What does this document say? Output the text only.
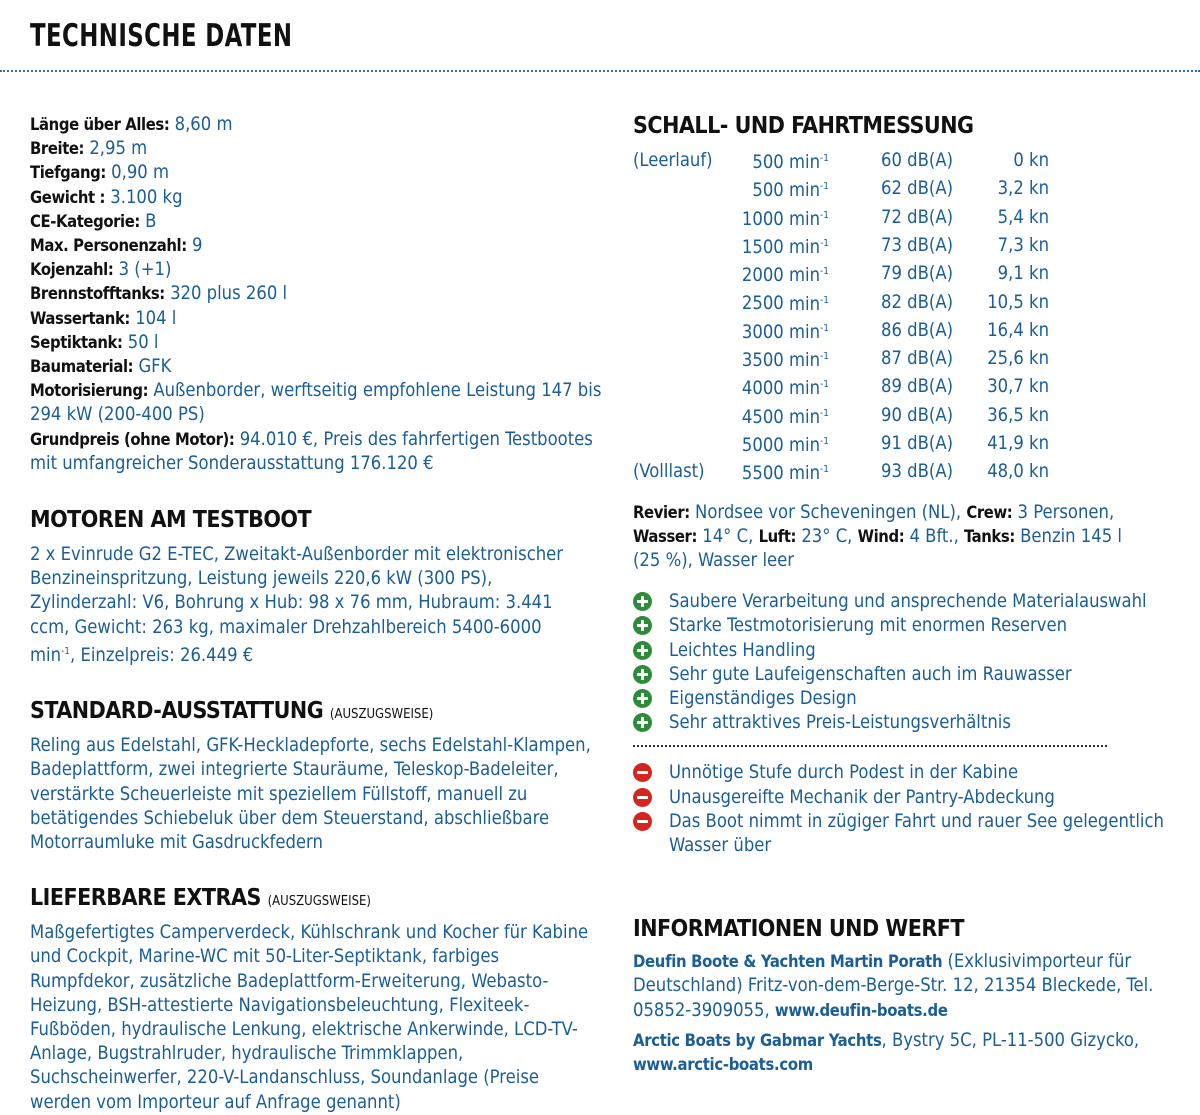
TECHNISCHE DATEN
Länge über Alles: 8,60 m
Breite: 2,95 m
Tiefgang: 0,90 m
Gewicht : 3.100 kg
CE-Kategorie: B
Max. Personenzahl: 9
Kojenzahl: 3 (+1)
Brennstofftanks: 320 plus 260 l
Wassertank: 104 l
Septiktank: 50 l
Baumaterial: GFK
Motorisierung: Außenborder, werftseitig empfohlene Leistung 147 bis 294 kW (200-400 PS)
Grundpreis (ohne Motor): 94.010 €, Preis des fahrfertigen Testbootes mit umfangreicher Sonderausstattung 176.120 €
MOTOREN AM TESTBOOT
2 x Evinrude G2 E-TEC, Zweitakt-Außenborder mit elektronischer Benzineinspritzung, Leistung jeweils 220,6 kW (300 PS), Zylinderzahl: V6, Bohrung x Hub: 98 x 76 mm, Hubraum: 3.441 ccm, Gewicht: 263 kg, maximaler Drehzahlbereich 5400-6000 $\min^{-1}$, Einzelpreis: 26.449 €
STANDARD-AUSSTATTUNG (AUSZUGSWEISE)
Reling aus Edelstahl, GFK-Heckladepforte, sechs Edelstahl-Klampen, Badeplattform, zwei integrierte Stauräume, Teleskop-Badeleiter, verstärkte Scheuerleiste mit speziellem Füllstoff, manuell zu betätigendes Schiebeluk über dem Steuerstand, abschließbare Motorraumluke mit Gasdruckfedern
LIEFERBARE EXTRAS (AUSZUGSWEISE)
Maßgefertigtes Camperverdeck, Kühlschrank und Kocher für Kabine und Cockpit, Marine-WC mit 50-Liter-Septiktank, farbiges Rumpfdekor, zusätzliche Badeplattform-Erweiterung, Webasto-Heizung, BSH-attestierte Navigationsbeleuchtung, Flexiteek-Fußböden, hydraulische Lenkung, elektrische Ankerwinde, LCD-TV-Anlage, Bugstrahlruder, hydraulische Trimmklappen, Suchscheinwerfer, 220-V-Landanschluss, Soundanlage (Preise werden vom Importeur auf Anfrage genannt)
SCHALL- UND FAHRTMESSUNG
(Leerlauf)	500 $\min^{-1}$	60 dB(A)	0 kn
	500 $\min^{-1}$	62 dB(A)	3,2 kn
	1000 $\min^{-1}$	72 dB(A)	5,4 kn
	1500 $\min^{-1}$	73 dB(A)	7,3 kn
	2000 $\min^{-1}$	79 dB(A)	9,1 kn
	2500 $\min^{-1}$	82 dB(A)	10,5 kn
	3000 $\min^{-1}$	86 dB(A)	16,4 kn
	3500 $\min^{-1}$	87 dB(A)	25,6 kn
	4000 $\min^{-1}$	89 dB(A)	30,7 kn
	4500 $\min^{-1}$	90 dB(A)	36,5 kn
	5000 $\min^{-1}$	91 dB(A)	41,9 kn
(Volllast)	5500 $\min^{-1}$	93 dB(A)	48,0 kn
Revier: Nordsee vor Scheveningen (NL), Crew: 3 Personen, Wasser: 14° C, Luft: 23° C, Wind: 4 Bft., Tanks: Benzin 145 l (25 %), Wasser leer
Saubere Verarbeitung und ansprechende Materialauswahl
Starke Testmotorisierung mit enormen Reserven
Leichtes Handling
Sehr gute Laufeigenschaften auch im Rauwasser
Eigenständiges Design
Sehr attraktives Preis-Leistungsverhältnis
Unnötige Stufe durch Podest in der Kabine
Unausgereifte Mechanik der Pantry-Abdeckung
Das Boot nimmt in zügiger Fahrt und rauer See gelegentlich Wasser über
INFORMATIONEN UND WERFT
Deufin Boote & Yachten Martin Porath (Exklusivimporteur für Deutschland) Fritz-von-dem-Berge-Str. 12, 21354 Bleckede, Tel. 05852-3909055, www.deufin-boats.de
Arctic Boats by Gabmar Yachts, Bystry 5C, PL-11-500 Gizycko, www.arctic-boats.com
